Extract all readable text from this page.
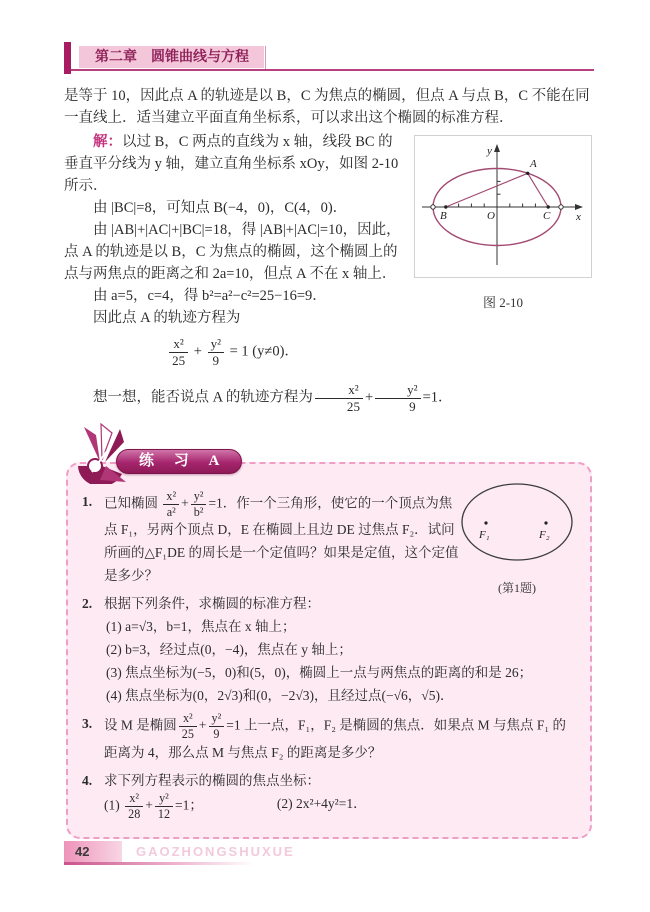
第二章　圆锥曲线与方程

是等于 10，因此点 A 的轨迹是以 B，C 为焦点的椭圆，但点 A 与点 B，C 不能在同一直线上．适当建立平面直角坐标系，可以求出这个椭圆的标准方程．

解：以过 B，C 两点的直线为 x 轴，线段 BC 的垂直平分线为 y 轴，建立直角坐标系 xOy，如图 2-10 所示．

由 |BC|=8，可知点 B(−4，0)，C(4，0)．

由 |AB|+|AC|+|BC|=18，得 |AB|+|AC|=10，因此，点 A 的轨迹是以 B，C 为焦点的椭圆，这个椭圆上的点与两焦点的距离之和 2a=10，但点 A 不在 x 轴上．

由 a=5，c=4，得 b²=a²−c²=25−16=9．

因此点 A 的轨迹方程为

$\frac{\text{x²}}{25} + \frac{\text{y²}}{9} = 1$ (y≠0)．
y
x
O
A
B	C
图 2-10

想一想，能否说点 A 的轨迹方程为 $\frac{\text{x²}}{25} + \frac{\text{y²}}{9} =1$．

练 习 A
F₁	F₂
(第1题)
1. 已知椭圆 $\frac{\text{x²}}{\text{a²}} + \frac{\text{y²}}{\text{b²}} =1$．作一个三角形，使它的一个顶点为焦点 F₁，另两个顶点 D，E 在椭圆上且边 DE 过焦点 F₂．试问所画的△F₁DE 的周长是一个定值吗？如果是定值，这个定值是多少？
2. 根据下列条件，求椭圆的标准方程：
(1) a=√3，b=1，焦点在 x 轴上；
(2) b=3，经过点(0，−4)，焦点在 y 轴上；
(3) 焦点坐标为(−5，0)和(5，0)，椭圆上一点与两焦点的距离的和是 26；
(4) 焦点坐标为(0，2√3)和(0，−2√3)，且经过点(−√6，√5)．
3. 设 M 是椭圆 $\frac{\text{x²}}{25} + \frac{\text{y²}}{9} =1$ 上一点，F₁，F₂ 是椭圆的焦点．如果点 M 与焦点 F₁ 的距离为 4，那么点 M 与焦点 F₂ 的距离是多少？
4. 求下列方程表示的椭圆的焦点坐标：
$(1) \frac{\text{x²}}{28} + \frac{\text{y²}}{12} =1$；	(2) 2x²+4y²=1．
42	GAOZHONGSHUXUE
